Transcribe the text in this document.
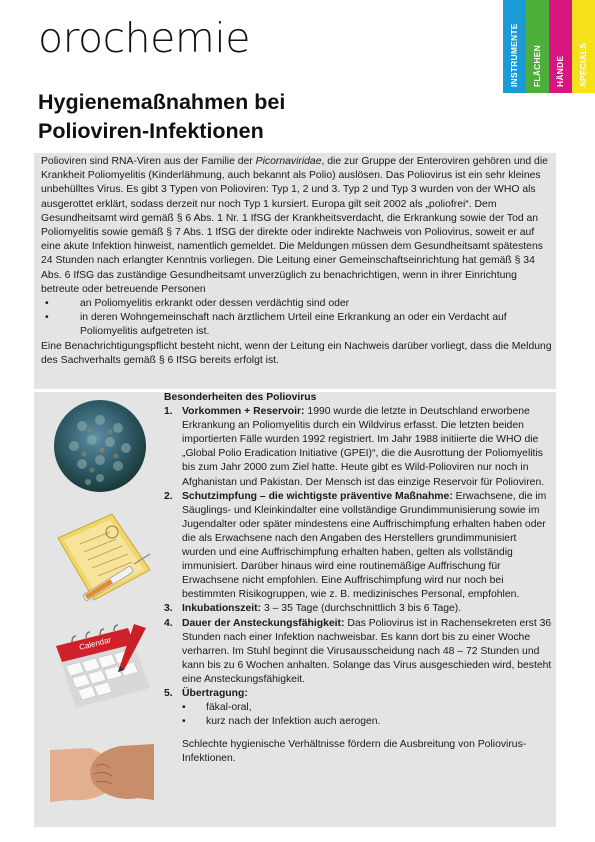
orochemie	INSTRUMENTE FLÄCHEN HÄNDE SPECIALS
Hygienemaßnahmen bei
Polioviren-Infektionen

Polioviren sind RNA-Viren aus der Familie der Picornaviridae, die zur Gruppe der Enteroviren gehören und die Krankheit Poliomyelitis (Kinderlähmung, auch bekannt als Polio) auslösen. Das Poliovirus ist ein sehr kleines unbehülltes Virus. Es gibt 3 Typen von Polioviren: Typ 1, 2 und 3. Typ 2 und Typ 3 wurden von der WHO als ausgerottet erklärt, sodass derzeit nur noch Typ 1 kursiert. Europa gilt seit 2002 als „poliofrei“. Dem Gesundheitsamt wird gemäß § 6 Abs. 1 Nr. 1 IfSG der Krankheitsverdacht, die Erkrankung sowie der Tod an Poliomyelitis sowie gemäß § 7 Abs. 1 IfSG der direkte oder indirekte Nachweis von Poliovirus, soweit er auf eine akute Infektion hinweist, namentlich gemeldet. Die Meldungen müssen dem Gesundheitsamt spätestens 24 Stunden nach erlangter Kenntnis vorliegen. Die Leitung einer Gemeinschaftseinrichtung hat gemäß § 34 Abs. 6 IfSG das zuständige Gesundheitsamt unverzüglich zu benachrichtigen, wenn in ihrer Einrichtung betreute oder betreuende Personen

• an Poliomyelitis erkrankt oder dessen verdächtig sind oder
• in deren Wohngemeinschaft nach ärztlichem Urteil eine Erkrankung an oder ein Verdacht auf Poliomyelitis aufgetreten ist.

Eine Benachrichtigungspflicht besteht nicht, wenn der Leitung ein Nachweis darüber vorliegt, dass die Meldung des Sachverhalts gemäß § 6 IfSG bereits erfolgt ist.

Calendar
Besonderheiten des Poliovirus
1. Vorkommen + Reservoir: 1990 wurde die letzte in Deutschland erworbene Erkrankung an Poliomyelitis durch ein Wildvirus erfasst. Die letzten beiden importierten Fälle wurden 1992 registriert. Im Jahr 1988 initiierte die WHO die „Global Polio Eradication Initiative (GPEI)“, die die Ausrottung der Poliomyelitis bis zum Jahr 2000 zum Ziel hatte. Heute gibt es Wild-Polioviren nur noch in Afghanistan und Pakistan. Der Mensch ist das einzige Reservoir für Polioviren.
2. Schutzimpfung – die wichtigste präventive Maßnahme: Erwachsene, die im Säuglings- und Kleinkindalter eine vollständige Grundimmunisierung sowie im Jugendalter oder später mindestens eine Auffrischimpfung erhalten haben oder die als Erwachsene nach den Angaben des Herstellers grundimmunisiert wurden und eine Auffrischimpfung erhalten haben, gelten als vollständig immunisiert. Darüber hinaus wird eine routinemäßige Auffrischung für Erwachsene nicht empfohlen. Eine Auffrischimpfung wird nur noch bei bestimmten Risikogruppen, wie z. B. medizinisches Personal, empfohlen.
3. Inkubationszeit: 3 – 35 Tage (durchschnittlich 3 bis 6 Tage).
4. Dauer der Ansteckungsfähigkeit: Das Poliovirus ist in Rachensekreten erst 36 Stunden nach einer Infektion nachweisbar. Es kann dort bis zu einer Woche verharren. Im Stuhl beginnt die Virusausscheidung nach 48 – 72 Stunden und kann bis zu 6 Wochen anhalten. Solange das Virus ausgeschieden wird, besteht eine Ansteckungsfähigkeit.
5. Übertragung:
• fäkal-oral,
• kurz nach der Infektion auch aerogen.
Schlechte hygienische Verhältnisse fördern die Ausbreitung von Poliovirus-Infektionen.
